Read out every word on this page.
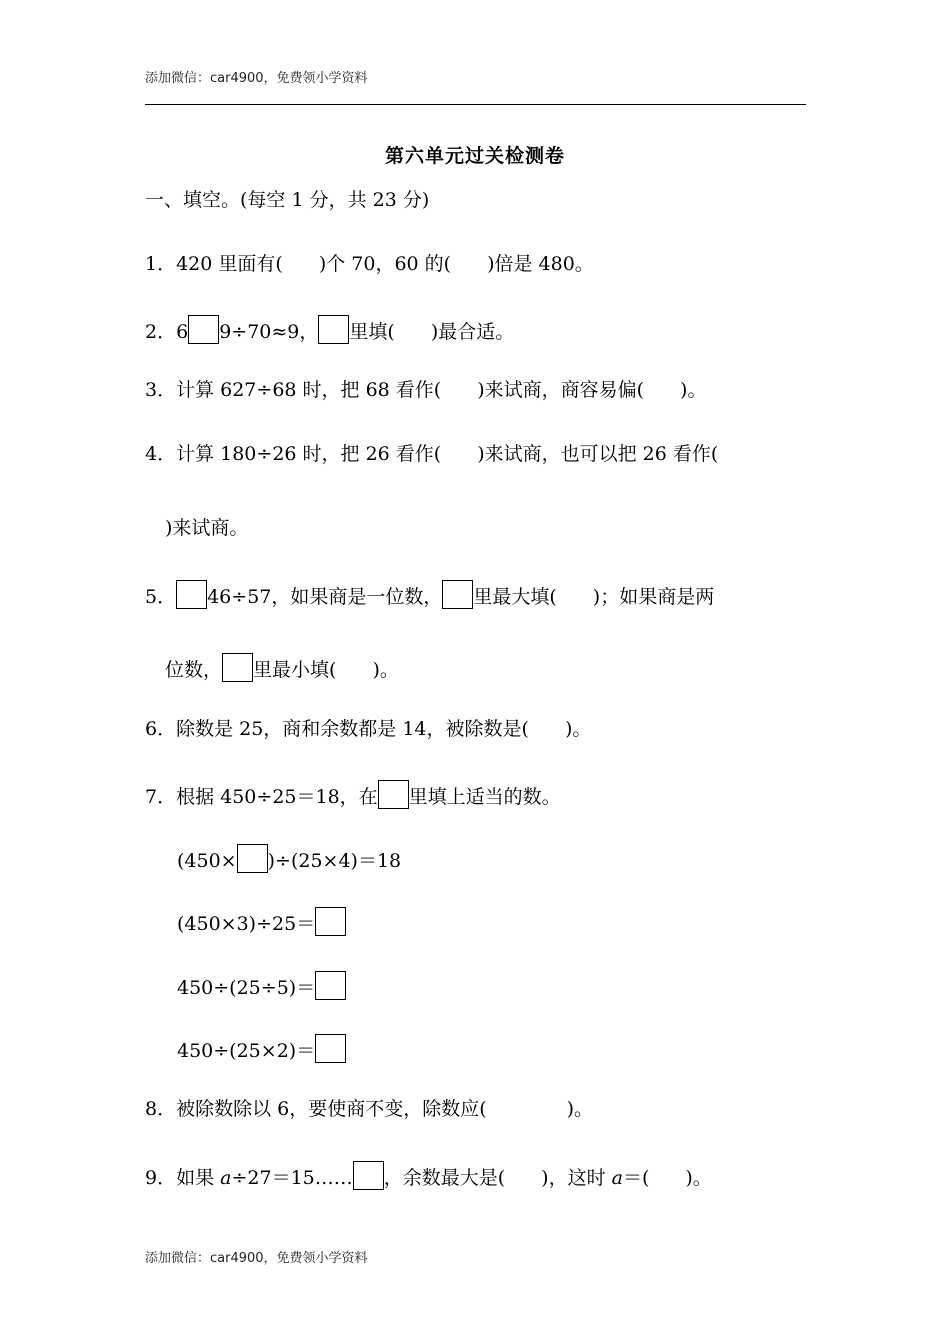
添加微信：car4900，免费领小学资料
第六单元过关检测卷
一、填空。(每空 1 分，共 23 分)
1．420 里面有( )个 70，60 的( )倍是 480。
2．6 9÷70≈9， 里填( )最合适。
3．计算 627÷68 时，把 68 看作( )来试商，商容易偏( )。
4．计算 180÷26 时，把 26 看作( )来试商，也可以把 26 看作(
)来试商。
5． 46÷57，如果商是一位数， 里最大填( )；如果商是两
位数， 里最小填( )。
6．除数是 25，商和余数都是 14，被除数是( )。
7．根据 450÷25＝18，在 里填上适当的数。
(450× )÷(25×4)＝18
(450×3)÷25＝
450÷(25÷5)＝
450÷(25×2)＝
8．被除数除以 6，要使商不变，除数应(	)。
9．如果 a÷27＝15…… ，余数最大是( )，这时 a＝( )。
添加微信：car4900，免费领小学资料
